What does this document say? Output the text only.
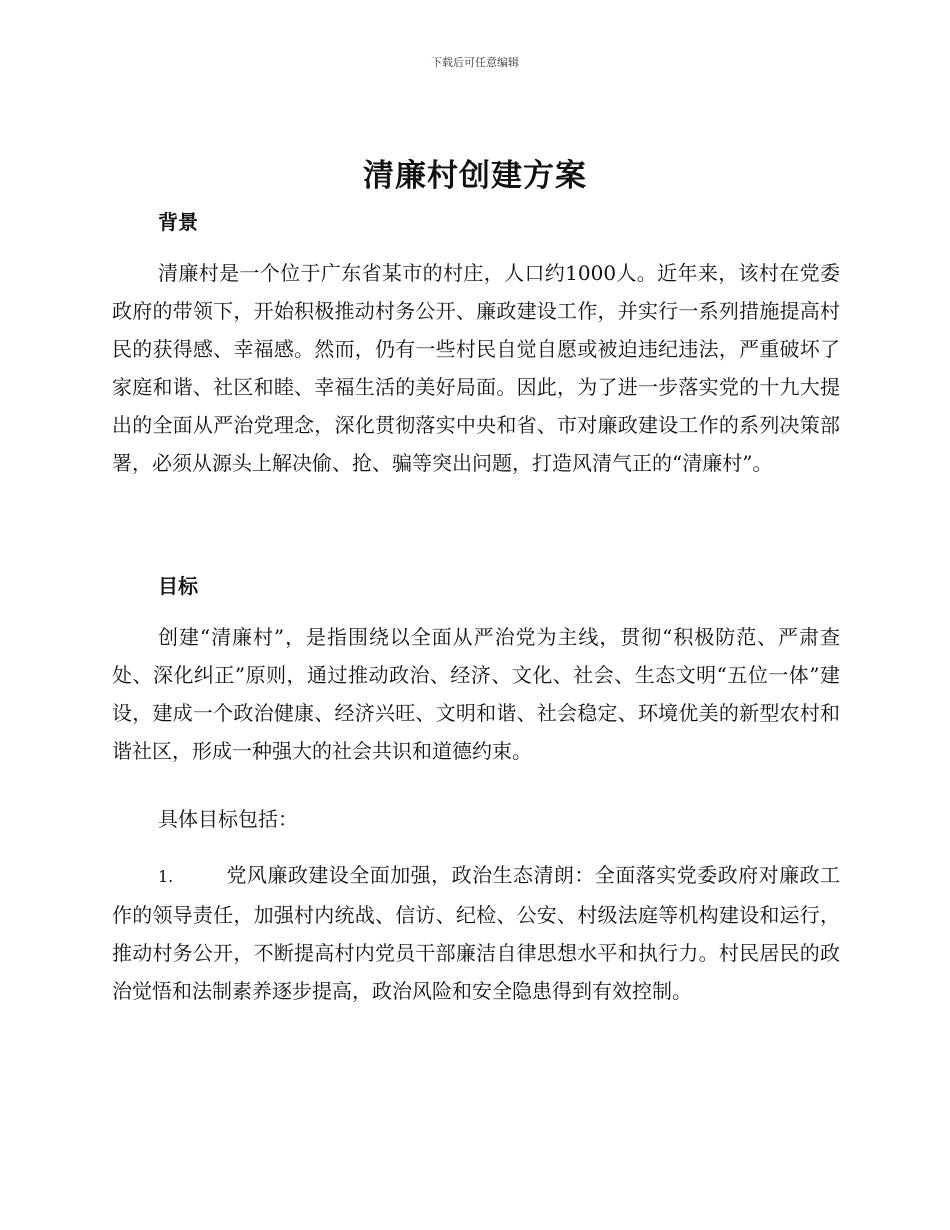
下载后可任意编辑
清廉村创建方案
背景

清廉村是一个位于广东省某市的村庄，人口约1000人。近年来，该村在党委政府的带领下，开始积极推动村务公开、廉政建设工作，并实行一系列措施提高村民的获得感、幸福感。然而，仍有一些村民自觉自愿或被迫违纪违法，严重破坏了家庭和谐、社区和睦、幸福生活的美好局面。因此，为了进一步落实党的十九大提出的全面从严治党理念，深化贯彻落实中央和省、市对廉政建设工作的系列决策部署，必须从源头上解决偷、抢、骗等突出问题，打造风清气正的“清廉村”。

目标

创建“清廉村”，是指围绕以全面从严治党为主线，贯彻“积极防范、严肃查处、深化纠正”原则，通过推动政治、经济、文化、社会、生态文明“五位一体”建设，建成一个政治健康、经济兴旺、文明和谐、社会稳定、环境优美的新型农村和谐社区，形成一种强大的社会共识和道德约束。

具体目标包括：

1.	党风廉政建设全面加强，政治生态清朗：全面落实党委政府对廉政工作的领导责任，加强村内统战、信访、纪检、公安、村级法庭等机构建设和运行，推动村务公开，不断提高村内党员干部廉洁自律思想水平和执行力。村民居民的政治觉悟和法制素养逐步提高，政治风险和安全隐患得到有效控制。
